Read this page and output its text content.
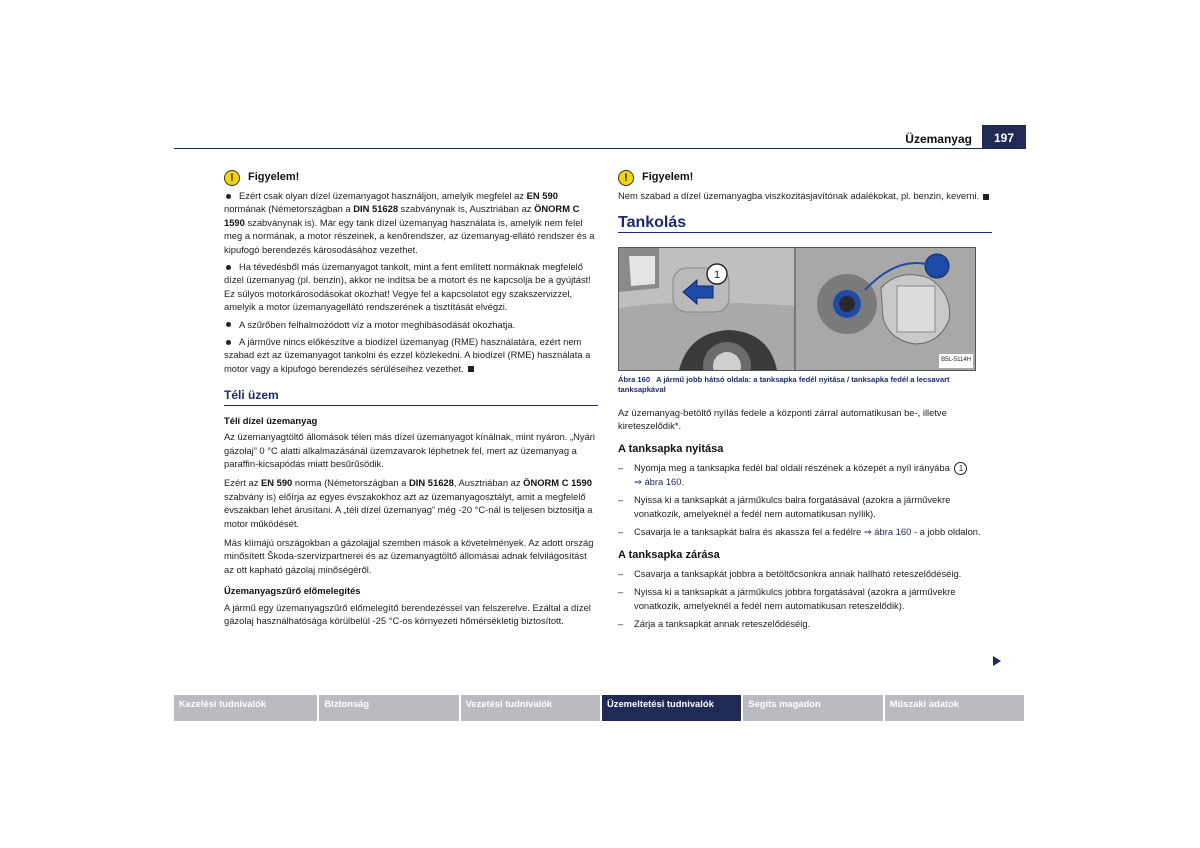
Üzemanyag	197
!	Figyelem!

Ezért csak olyan dízel üzemanyagot használjon, amelyik megfelel az EN 590 normának (Németországban a DIN 51628 szabványnak is, Ausztriában az ÖNORM C 1590 szabványnak is). Már egy tank dízel üzemanyag használata is, amelyik nem felel meg a normának, a motor részeinek, a kenőrendszer, az üzemanyag-ellátó rendszer és a kipufogó berendezés károsodásához vezethet.

Ha tévedésből más üzemanyagot tankolt, mint a fent említett normáknak megfelelő dízel üzemanyag (pl. benzin), akkor ne indítsa be a motort és ne kapcsolja be a gyújtást! Ez súlyos motorkárosodásokat okozhat! Vegye fel a kapcsolatot egy szakszervizzel, amelyik a motor üzemanyagellátó rendszerének a tisztítását elvégzi.

A szűrőben felhalmozódott víz a motor meghibásodását okozhatja.

A járműve nincs előkészítve a biodízel üzemanyag (RME) használatára, ezért nem szabad ezt az üzemanyagot tankolni és ezzel közlekedni. A biodízel (RME) használata a motor vagy a kipufogó berendezés sérüléseihez vezethet.

Téli üzem
Téli dízel üzemanyag

Az üzemanyagtöltő állomások télen más dízel üzemanyagot kínálnak, mint nyáron. „Nyári gázolaj” 0 °C alatti alkalmazásánál üzemzavarok léphetnek fel, mert az üzemanyag a paraffin-kicsapódás miatt besűrűsödik.

Ezért az EN 590 norma (Németországban a DIN 51628, Ausztriában az ÖNORM C 1590 szabvány is) előírja az egyes évszakokhoz azt az üzemanyagosztályt, amit a megfelelő évszakban lehet árusítani. A „téli dízel üzemanyag” még -20 °C-nál is teljesen biztosítja a motor működését.

Más klímájú országokban a gázolajjal szemben mások a követelmények. Az adott ország minősített Škoda-szervizpartnerei és az üzemanyagtöltő állomásai adnak felvilágosítást az ott kapható gázolaj minőségéről.

Üzemanyagszűrő előmelegítés

A jármű egy üzemanyagszűrő előmelegítő berendezéssel van felszerelve. Ezáltal a dízel gázolaj használhatósága körülbelül -25 °C-os környezeti hőmérsékletig biztosított.

!	Figyelem!

Nem szabad a dízel üzemanyagba viszkozitásjavítónak adalékokat, pl. benzin, keverni.

Tankolás
1
B5L-5114H
Ábra 160 A jármű jobb hátsó oldala: a tanksapka fedél nyitása / tanksapka fedél a lecsavart tanksapkával

Az üzemanyag-betöltő nyílás fedele a központi zárral automatikusan be-, illetve kireteszelődik*.

A tanksapka nyitása
– Nyomja meg a tanksapka fedél bal oldali részének a közepét a nyíl irányába 1
⇒ ábra 160.
– Nyissa ki a tanksapkát a járműkulcs balra forgatásával (azokra a járművekre vonatkozik, amelyeknél a fedél nem automatikusan nyílik).
– Csavarja le a tanksapkát balra és akassza fel a fedélre ⇒ ábra 160 - a jobb oldalon.
A tanksapka zárása
– Csavarja a tanksapkát jobbra a betöltőcsonkra annak hallható reteszelődéséig.
– Nyissa ki a tanksapkát a járműkulcs jobbra forgatásával (azokra a járművekre vonatkozik, amelyeknél a fedél nem automatikusan reteszelődik).
– Zárja a tanksapkát annak reteszelődéséig.
Kezelési tudnivalók	Biztonság	Vezetési tudnivalók	Üzemeltetési tudnivalók	Segíts magadon	Műszaki adatok
